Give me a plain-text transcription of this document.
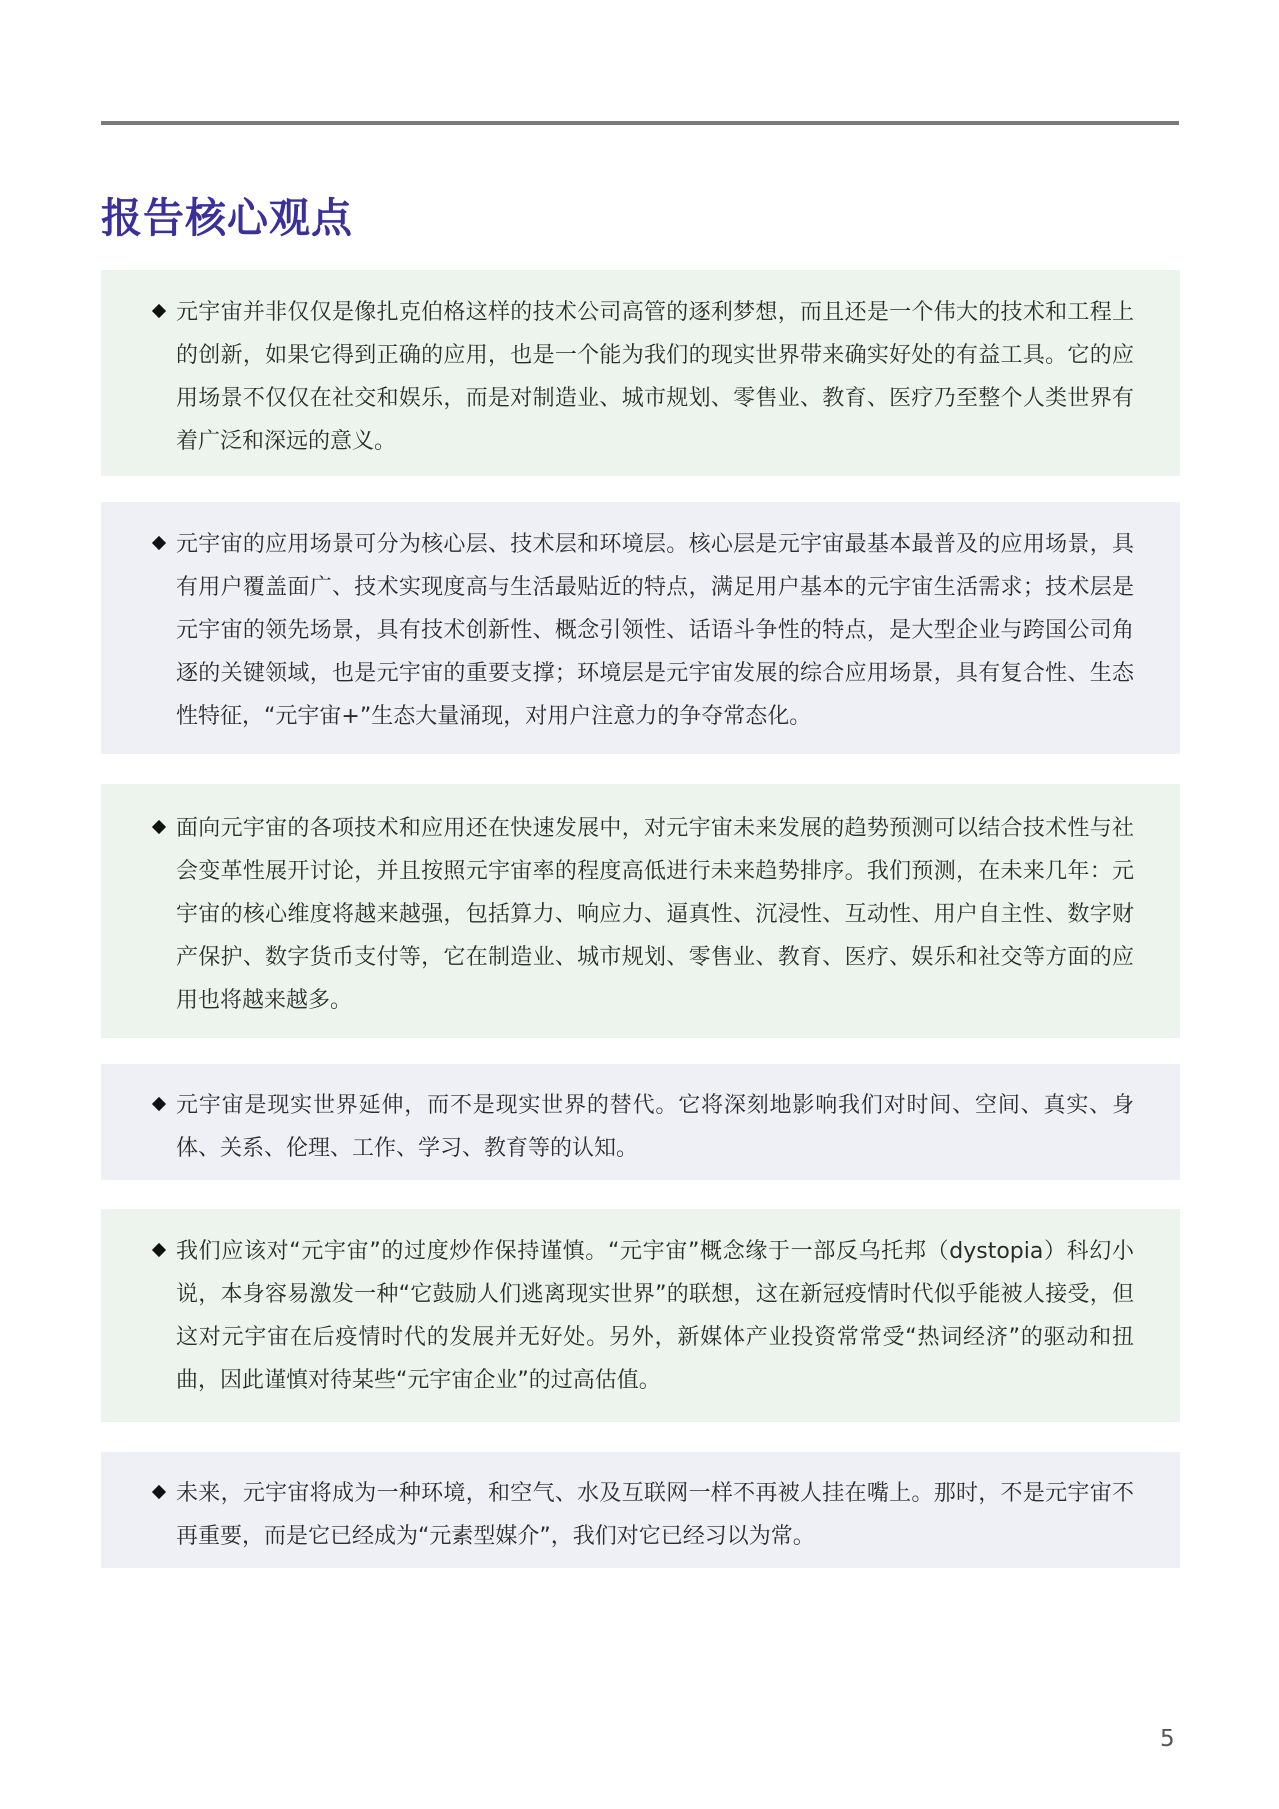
报告核心观点

元宇宙并非仅仅是像扎克伯格这样的技术公司高管的逐利梦想，而且还是一个伟大的技术和工程上的创新，如果它得到正确的应用，也是一个能为我们的现实世界带来确实好处的有益工具。它的应用场景不仅仅在社交和娱乐，而是对制造业、城市规划、零售业、教育、医疗乃至整个人类世界有着广泛和深远的意义。

元宇宙的应用场景可分为核心层、技术层和环境层。核心层是元宇宙最基本最普及的应用场景，具有用户覆盖面广、技术实现度高与生活最贴近的特点，满足用户基本的元宇宙生活需求；技术层是元宇宙的领先场景，具有技术创新性、概念引领性、话语斗争性的特点，是大型企业与跨国公司角逐的关键领域，也是元宇宙的重要支撑；环境层是元宇宙发展的综合应用场景，具有复合性、生态性特征，“元宇宙+”生态大量涌现，对用户注意力的争夺常态化。

面向元宇宙的各项技术和应用还在快速发展中，对元宇宙未来发展的趋势预测可以结合技术性与社会变革性展开讨论，并且按照元宇宙率的程度高低进行未来趋势排序。我们预测，在未来几年：元宇宙的核心维度将越来越强，包括算力、响应力、逼真性、沉浸性、互动性、用户自主性、数字财产保护、数字货币支付等，它在制造业、城市规划、零售业、教育、医疗、娱乐和社交等方面的应用也将越来越多。

元宇宙是现实世界延伸，而不是现实世界的替代。它将深刻地影响我们对时间、空间、真实、身体、关系、伦理、工作、学习、教育等的认知。

我们应该对“元宇宙”的过度炒作保持谨慎。“元宇宙”概念缘于一部反乌托邦（dystopia）科幻小说，本身容易激发一种“它鼓励人们逃离现实世界”的联想，这在新冠疫情时代似乎能被人接受，但这对元宇宙在后疫情时代的发展并无好处。另外，新媒体产业投资常常受“热词经济”的驱动和扭曲，因此谨慎对待某些“元宇宙企业”的过高估值。

未来，元宇宙将成为一种环境，和空气、水及互联网一样不再被人挂在嘴上。那时，不是元宇宙不再重要，而是它已经成为“元素型媒介”，我们对它已经习以为常。

5
